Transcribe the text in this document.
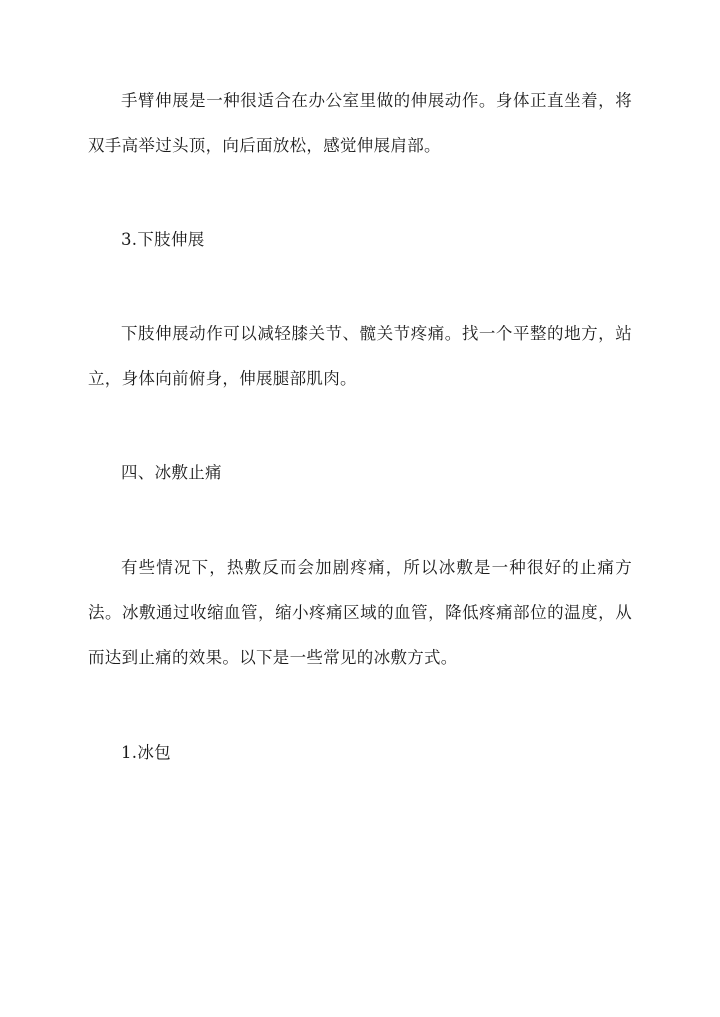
手臂伸展是一种很适合在办公室里做的伸展动作。身体正直坐着，将双手高举过头顶，向后面放松，感觉伸展肩部。

3.下肢伸展

下肢伸展动作可以减轻膝关节、髋关节疼痛。找一个平整的地方，站立，身体向前俯身，伸展腿部肌肉。

四、冰敷止痛

有些情况下，热敷反而会加剧疼痛，所以冰敷是一种很好的止痛方法。冰敷通过收缩血管，缩小疼痛区域的血管，降低疼痛部位的温度，从而达到止痛的效果。以下是一些常见的冰敷方式。

1.冰包
